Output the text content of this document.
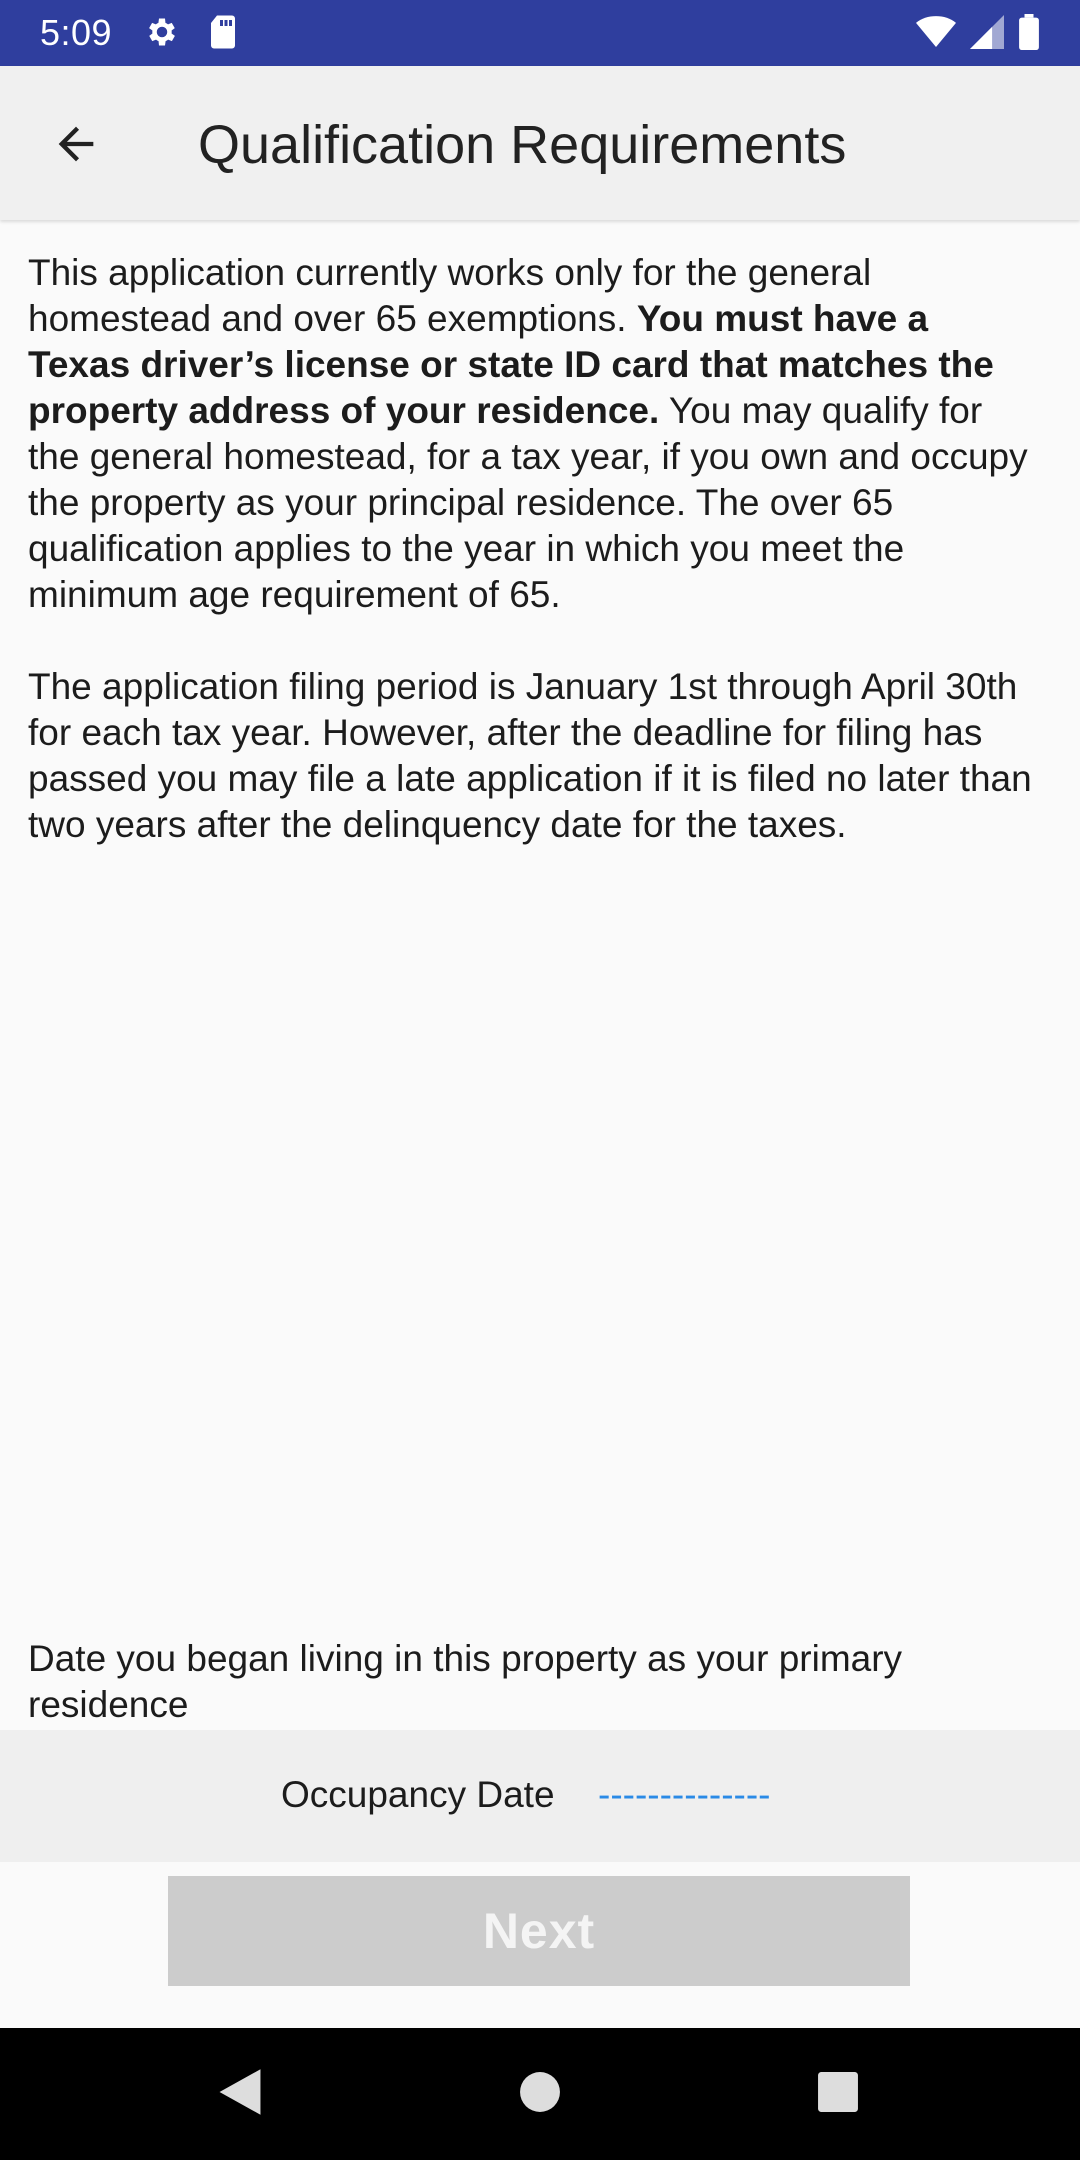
5:09
Qualification Requirements

This application currently works only for the general homestead and over 65 exemptions. You must have a Texas driver’s license or state ID card that matches the property address of your residence. You may qualify for the general homestead, for a tax year, if you own and occupy the property as your principal residence. The over 65 qualification applies to the year in which you meet the minimum age requirement of 65.

The application filing period is January 1st through April 30th for each tax year. However, after the deadline for filing has passed you may file a late application if it is filed no later than two years after the delinquency date for the taxes.

Date you began living in this property as your primary residence
Occupancy Date --------------
Next
